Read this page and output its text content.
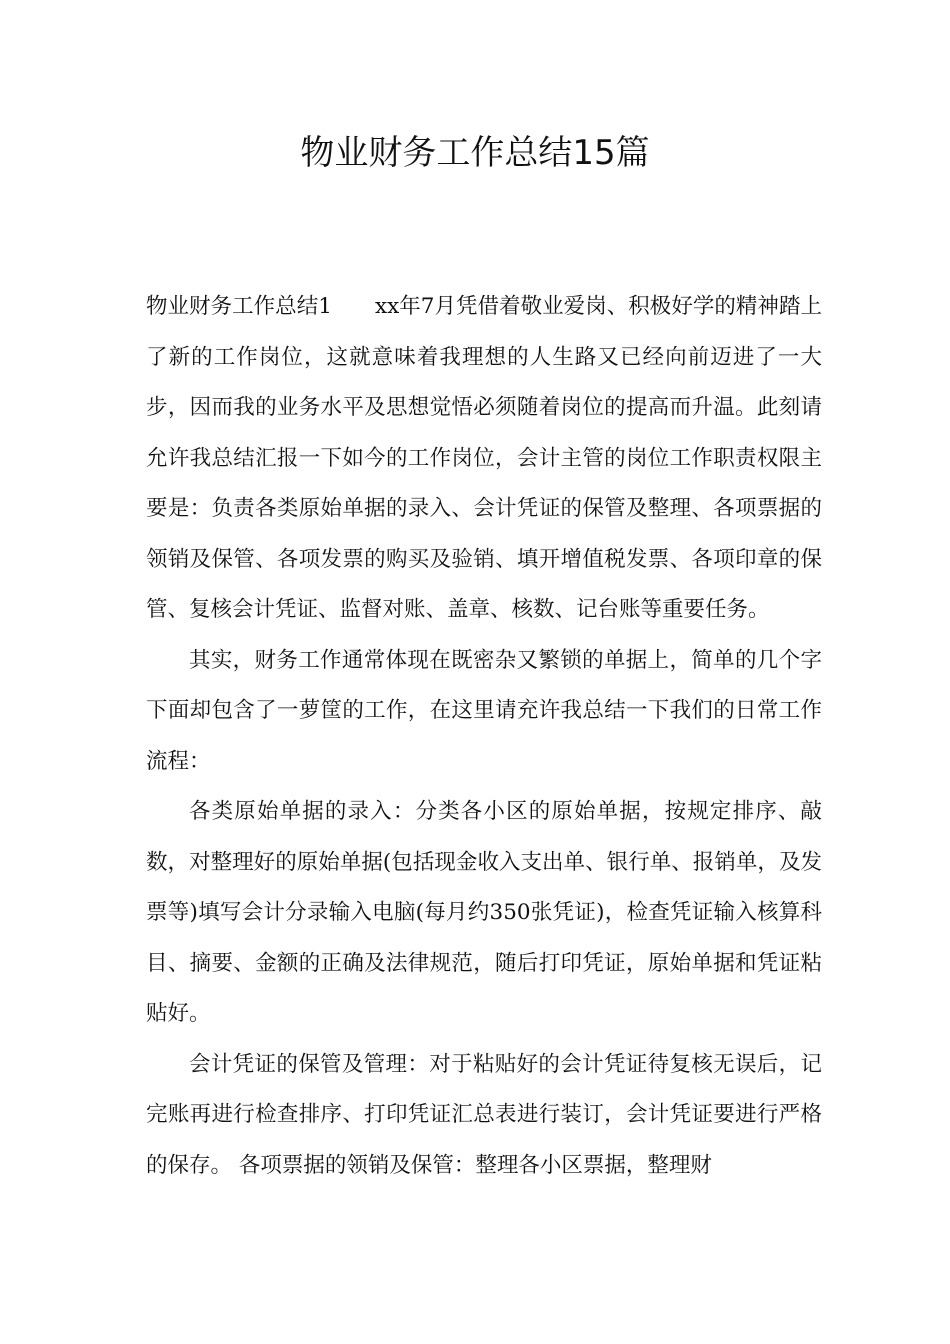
物业财务工作总结15篇

物业财务工作总结1　　xx年7月凭借着敬业爱岗、积极好学的精神踏上了新的工作岗位，这就意味着我理想的人生路又已经向前迈进了一大步，因而我的业务水平及思想觉悟必须随着岗位的提高而升温。此刻请允许我总结汇报一下如今的工作岗位，会计主管的岗位工作职责权限主要是：负责各类原始单据的录入、会计凭证的保管及整理、各项票据的领销及保管、各项发票的购买及验销、填开增值税发票、各项印章的保管、复核会计凭证、监督对账、盖章、核数、记台账等重要任务。

其实，财务工作通常体现在既密杂又繁锁的单据上，简单的几个字下面却包含了一萝筐的工作，在这里请充许我总结一下我们的日常工作流程：

各类原始单据的录入：分类各小区的原始单据，按规定排序、敲数，对整理好的原始单据(包括现金收入支出单、银行单、报销单，及发票等)填写会计分录输入电脑(每月约350张凭证)，检查凭证输入核算科目、摘要、金额的正确及法律规范，随后打印凭证，原始单据和凭证粘贴好。

会计凭证的保管及管理：对于粘贴好的会计凭证待复核无误后，记完账再进行检查排序、打印凭证汇总表进行装订，会计凭证要进行严格的保存。 各项票据的领销及保管：整理各小区票据，整理财
